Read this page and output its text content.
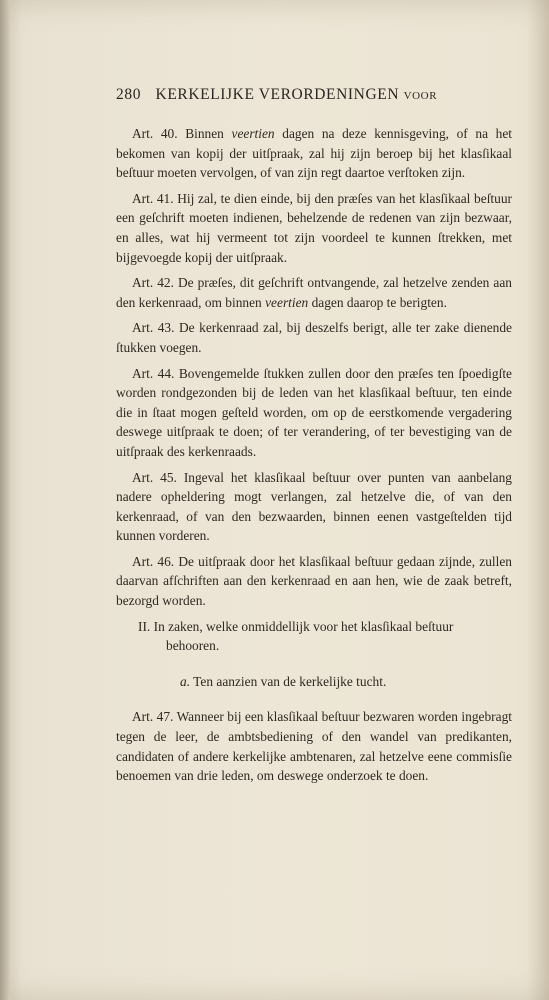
280 KERKELIJKE VERORDENINGEN voor

Art. 40. Binnen veertien dagen na deze kennisgeving, of na het bekomen van kopij der uitſpraak, zal hij zijn beroep bij het klasſikaal beſtuur moeten vervolgen, of van zijn regt daartoe verſtoken zijn.

Art. 41. Hij zal, te dien einde, bij den præſes van het klasſikaal beſtuur een geſchrift moeten indienen, behelzende de redenen van zijn bezwaar, en alles, wat hij vermeent tot zijn voordeel te kunnen ſtrekken, met bijgevoegde kopij der uitſpraak.

Art. 42. De præſes, dit geſchrift ontvangende, zal hetzelve zenden aan den kerkenraad, om binnen veertien dagen daarop te berigten.

Art. 43. De kerkenraad zal, bij deszelfs berigt, alle ter zake dienende ſtukken voegen.

Art. 44. Bovengemelde ſtukken zullen door den præſes ten ſpoedigſte worden rondgezonden bij de leden van het klasſikaal beſtuur, ten einde die in ſtaat mogen geſteld worden, om op de eerstkomende vergadering deswege uitſpraak te doen; of ter verandering, of ter bevestiging van de uitſpraak des kerkenraads.

Art. 45. Ingeval het klasſikaal beſtuur over punten van aanbelang nadere opheldering mogt verlangen, zal hetzelve die, of van den kerkenraad, of van den bezwaarden, binnen eenen vastgeſtelden tijd kunnen vorderen.

Art. 46. De uitſpraak door het klasſikaal beſtuur gedaan zijnde, zullen daarvan afſchriften aan den kerkenraad en aan hen, wie de zaak betreft, bezorgd worden.

II. In zaken, welke onmiddellijk voor het klasſikaal beſtuur
behooren.

a. Ten aanzien van de kerkelijke tucht.

Art. 47. Wanneer bij een klasſikaal beſtuur bezwaren worden ingebragt tegen de leer, de ambtsbediening of den wandel van predikanten, candidaten of andere kerkelijke ambtenaren, zal hetzelve eene commisſie benoemen van drie leden, om deswege onderzoek te doen.
